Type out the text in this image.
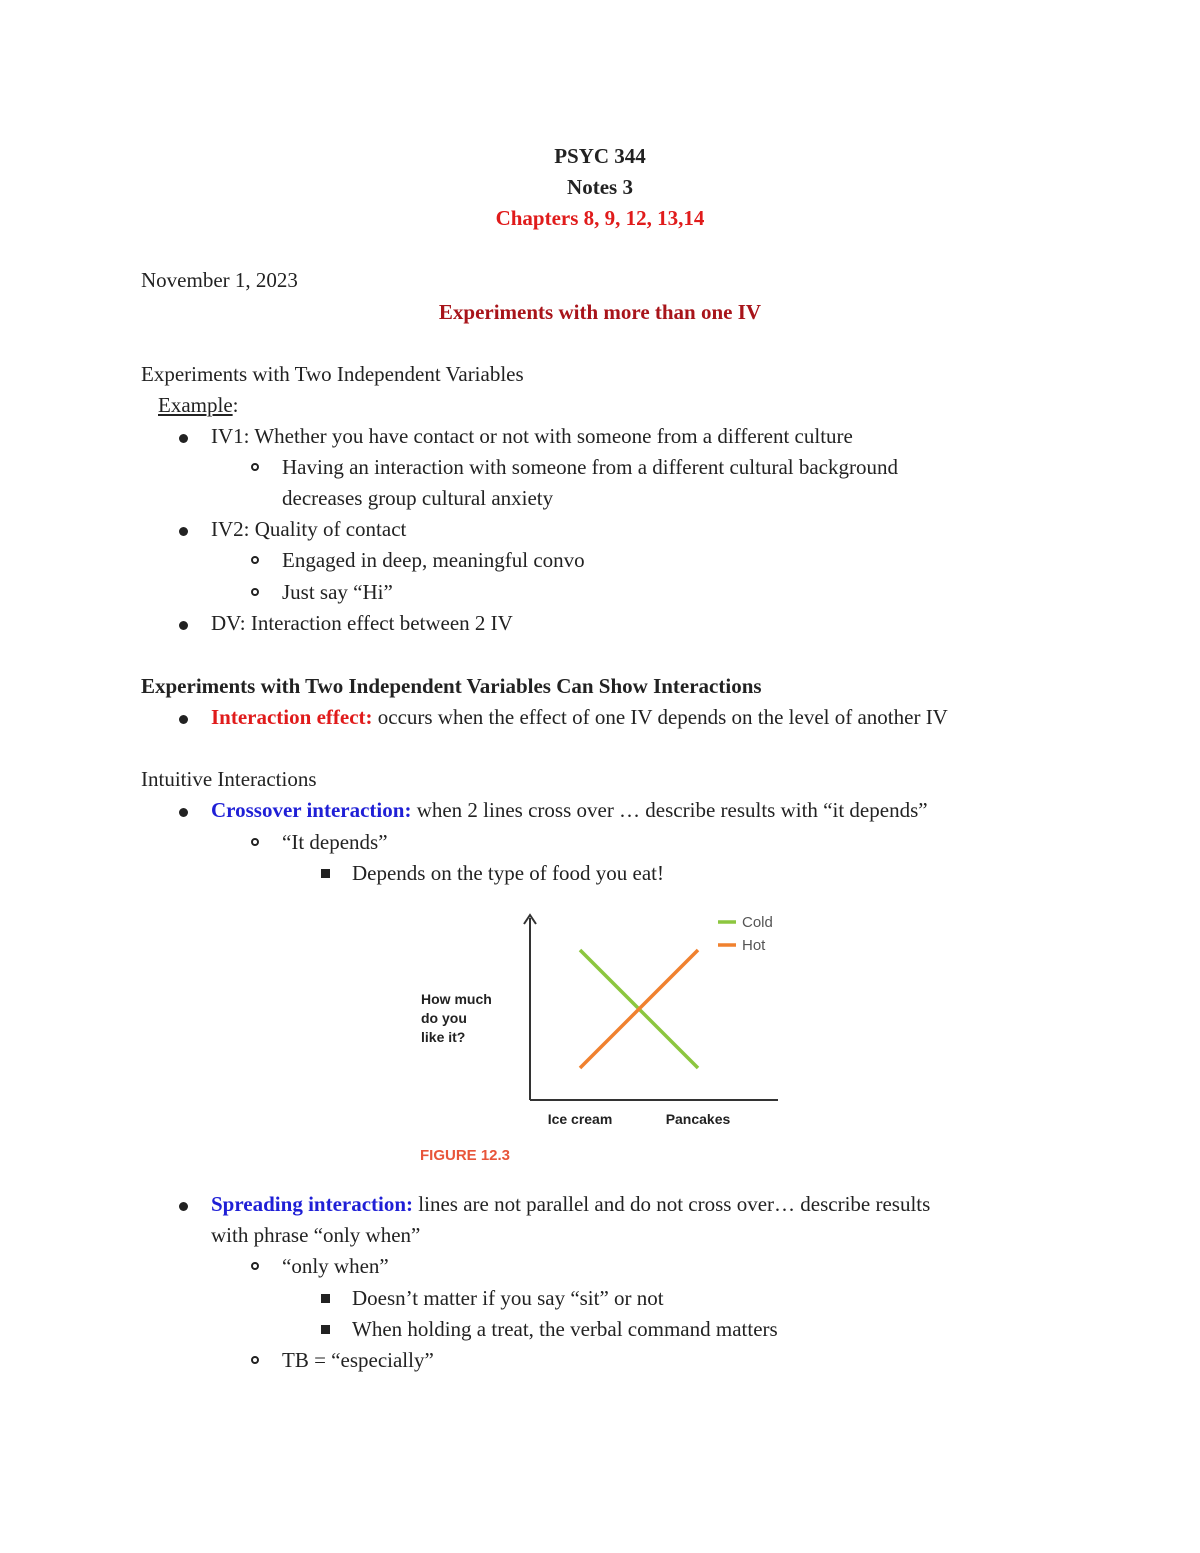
PSYC 344
Notes 3
Chapters 8, 9, 12, 13,14
November 1, 2023
Experiments with more than one IV
Experiments with Two Independent Variables
Example:
IV1: Whether you have contact or not with someone from a different culture
Having an interaction with someone from a different cultural background
decreases group cultural anxiety
IV2: Quality of contact
Engaged in deep, meaningful convo
Just say “Hi”
DV: Interaction effect between 2 IV
Experiments with Two Independent Variables Can Show Interactions
Interaction effect: occurs when the effect of one IV depends on the level of another IV
Intuitive Interactions
Crossover interaction: when 2 lines cross over … describe results with “it depends”
“It depends”
Depends on the type of food you eat!
Cold
Hot
Ice cream	Pancakes
How much
do you
like it?
FIGURE 12.3
Spreading interaction: lines are not parallel and do not cross over… describe results
with phrase “only when”
“only when”
Doesn’t matter if you say “sit” or not
When holding a treat, the verbal command matters
TB = “especially”
